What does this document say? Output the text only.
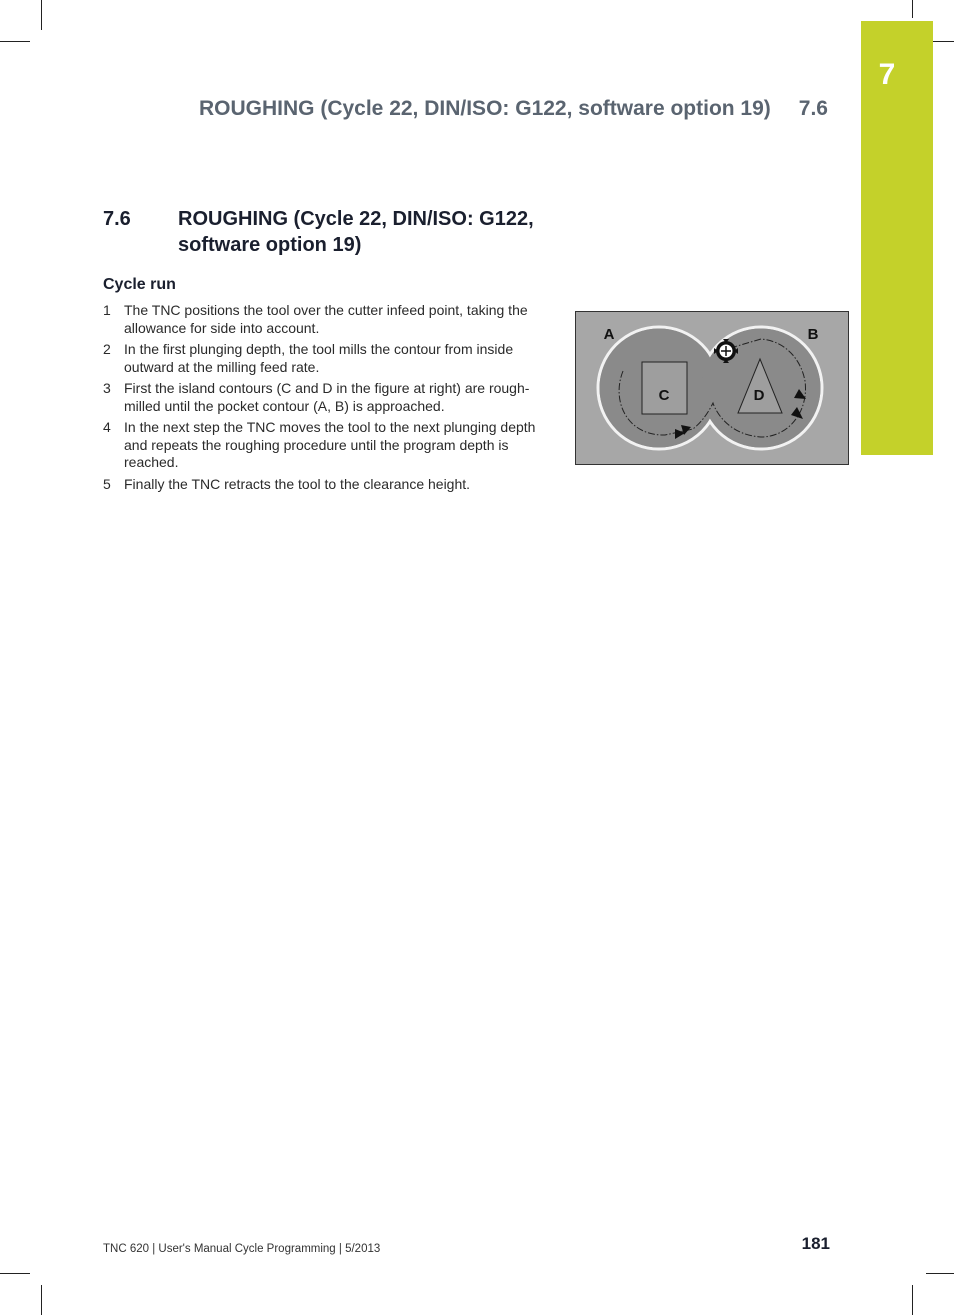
7
ROUGHING (Cycle 22, DIN/ISO: G122, software option 19) 7.6
7.6 ROUGHING (Cycle 22, DIN/ISO: G122, software option 19)
Cycle run
1 The TNC positions the tool over the cutter infeed point, taking the allowance for side into account.
2 In the first plunging depth, the tool mills the contour from inside outward at the milling feed rate.
3 First the island contours (C and D in the figure at right) are rough-milled until the pocket contour (A, B) is approached.
4 In the next step the TNC moves the tool to the next plunging depth and repeats the roughing procedure until the program depth is reached.
5 Finally the TNC retracts the tool to the clearance height.
C	D
A	B
TNC 620 | User's Manual Cycle Programming | 5/2013	181
